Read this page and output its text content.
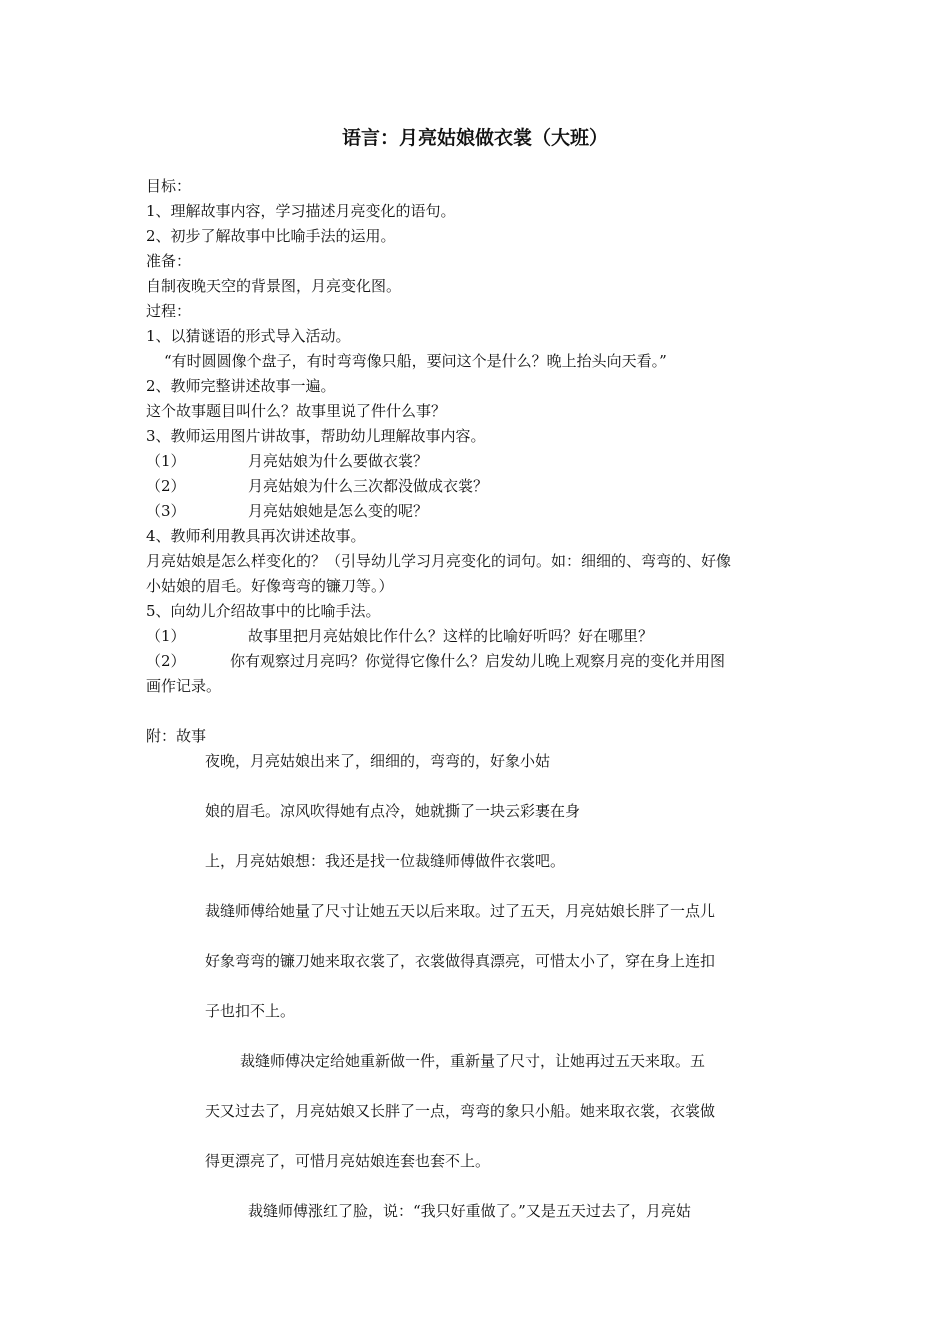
语言：月亮姑娘做衣裳（大班）
目标：
1、理解故事内容，学习描述月亮变化的语句。
2、初步了解故事中比喻手法的运用。
准备：
自制夜晚天空的背景图，月亮变化图。
过程：
1、以猜谜语的形式导入活动。
“有时圆圆像个盘子，有时弯弯像只船，要问这个是什么？晚上抬头向天看。”
2、教师完整讲述故事一遍。
这个故事题目叫什么？故事里说了件什么事？
3、教师运用图片讲故事，帮助幼儿理解故事内容。
（1）	月亮姑娘为什么要做衣裳？
（2）	月亮姑娘为什么三次都没做成衣裳？
（3）	月亮姑娘她是怎么变的呢？
4、教师利用教具再次讲述故事。
月亮姑娘是怎么样变化的？（引导幼儿学习月亮变化的词句。如：细细的、弯弯的、好像
小姑娘的眉毛。好像弯弯的镰刀等。）
5、向幼儿介绍故事中的比喻手法。
（1）	故事里把月亮姑娘比作什么？这样的比喻好听吗？好在哪里？
（2）	你有观察过月亮吗？你觉得它像什么？启发幼儿晚上观察月亮的变化并用图
画作记录。
附：故事
夜晚，月亮姑娘出来了，细细的，弯弯的，好象小姑
娘的眉毛。凉风吹得她有点冷，她就撕了一块云彩裹在身
上，月亮姑娘想：我还是找一位裁缝师傅做件衣裳吧。
裁缝师傅给她量了尺寸让她五天以后来取。过了五天，月亮姑娘长胖了一点儿
好象弯弯的镰刀她来取衣裳了，衣裳做得真漂亮，可惜太小了，穿在身上连扣
子也扣不上。
裁缝师傅决定给她重新做一件，重新量了尺寸，让她再过五天来取。五
天又过去了，月亮姑娘又长胖了一点，弯弯的象只小船。她来取衣裳，衣裳做
得更漂亮了，可惜月亮姑娘连套也套不上。
裁缝师傅涨红了脸，说：“我只好重做了。”又是五天过去了，月亮姑
